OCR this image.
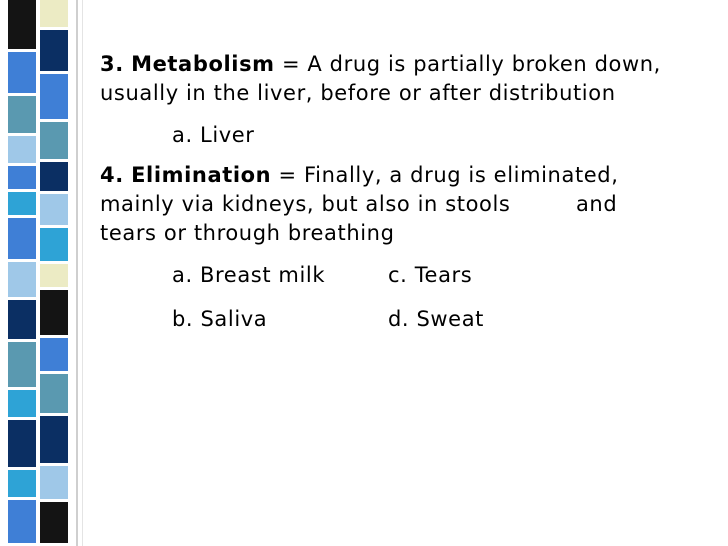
3. Metabolism = A drug is partially broken down, usually in the liver, before or after distribution

a. Liver

4. Elimination = Finally, a drug is eliminated,
mainly via kidneys, but also in stools         and
tears or through breathing

a. Breast milk	c. Tears
b. Saliva	d. Sweat
